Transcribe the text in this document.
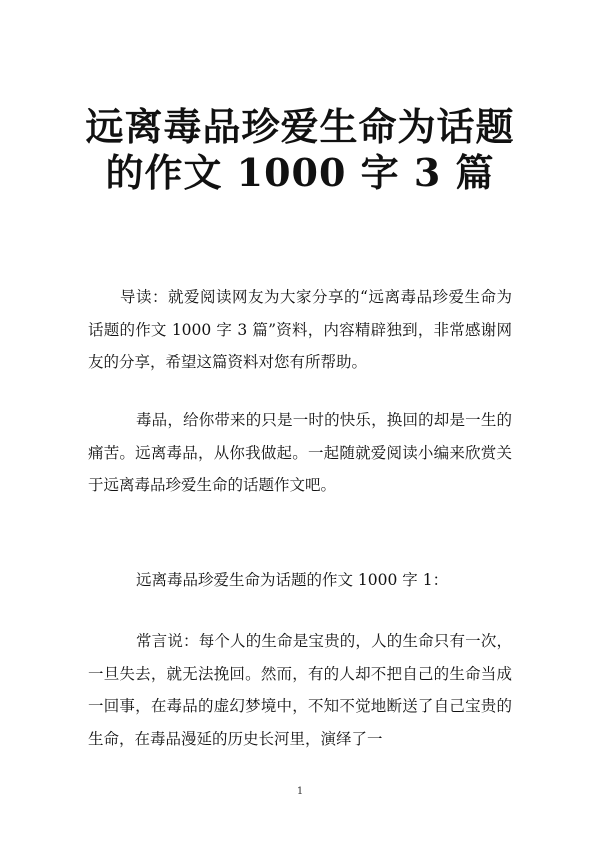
远离毒品珍爱生命为话题
的作文 1000 字 3 篇

导读：就爱阅读网友为大家分享的“远离毒品珍爱生命为话题的作文 1000 字 3 篇”资料，内容精辟独到，非常感谢网友的分享，希望这篇资料对您有所帮助。

毒品，给你带来的只是一时的快乐，换回的却是一生的痛苦。远离毒品，从你我做起。一起随就爱阅读小编来欣赏关于远离毒品珍爱生命的话题作文吧。

远离毒品珍爱生命为话题的作文 1000 字 1：

常言说：每个人的生命是宝贵的，人的生命只有一次，一旦失去，就无法挽回。然而，有的人却不把自己的生命当成一回事，在毒品的虚幻梦境中，不知不觉地断送了自己宝贵的生命，在毒品漫延的历史长河里，演绎了一

1
